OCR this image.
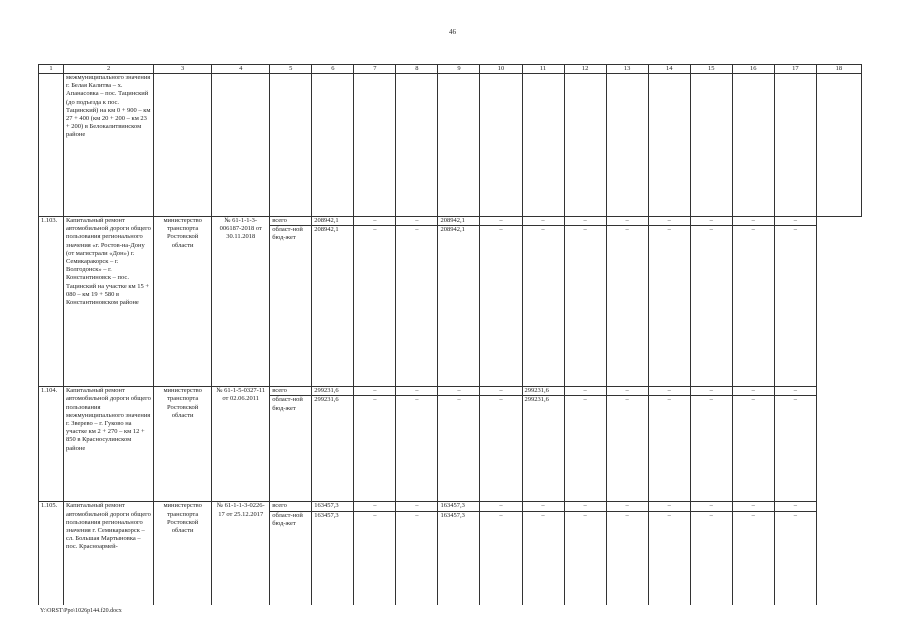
46
1	2	3	4	5	6	7	8	9	10	11	12	13	14	15	16	17	18
	межмуниципального значения г. Белая Калитва – х. Апанасовка – пос. Тацинский (до подъезда к пос. Тацинский) на км 0 + 900 – км 27 + 400 (км 20 + 200 – км 23 + 200) в Белокалитвинском районе																
1.103.	Капитальный ремонт автомобильной дороги общего пользования регионального значения «г. Ростов-на-Дону (от магистрали «Дон») г. Семикаракорск – г. Волгодонск» – г. Константиновск – пос. Тацинский на участке км 15 + 080 – км 19 + 580 в Константиновском районе	министерство транспорта Ростовской области	№ 61-1-1-3-006187-2018 от 30.11.2018	всего	208942,1	–	–	208942,1	–	–	–	–	–	–	–	–	
				област-ной бюд-жет	208942,1	–	–	208942,1	–	–	–	–	–	–	–	–	
1.104.	Капитальный ремонт автомобильной дороги общего пользования межмуниципального значения г. Зверево – г. Гуково на участке км 2 + 270 – км 12 + 850 в Красносулинском районе	министерство транспорта Ростовской области	№ 61-1-5-0327-11 от 02.06.2011	всего	299231,6	–	–	–	–	299231,6	–	–	–	–	–	–	
				област-ной бюд-жет	299231,6	–	–	–	–	299231,6	–	–	–	–	–	–	
1.105.	Капитальный ремонт автомобильной дороги общего пользования регионального значения г. Семикаракорск – сл. Большая Мартыновка – пос. Красноармей-	министерство транспорта Ростовской области	№ 61-1-1-3-0226-17 от 25.12.2017	всего	163457,3	–	–	163457,3	–	–	–	–	–	–	–	–	
				област-ной бюд-жет	163457,3	–	–	163457,3	–	–	–	–	–	–	–	–	
Y:\ORST\Ppo\1026p144.f20.docx
